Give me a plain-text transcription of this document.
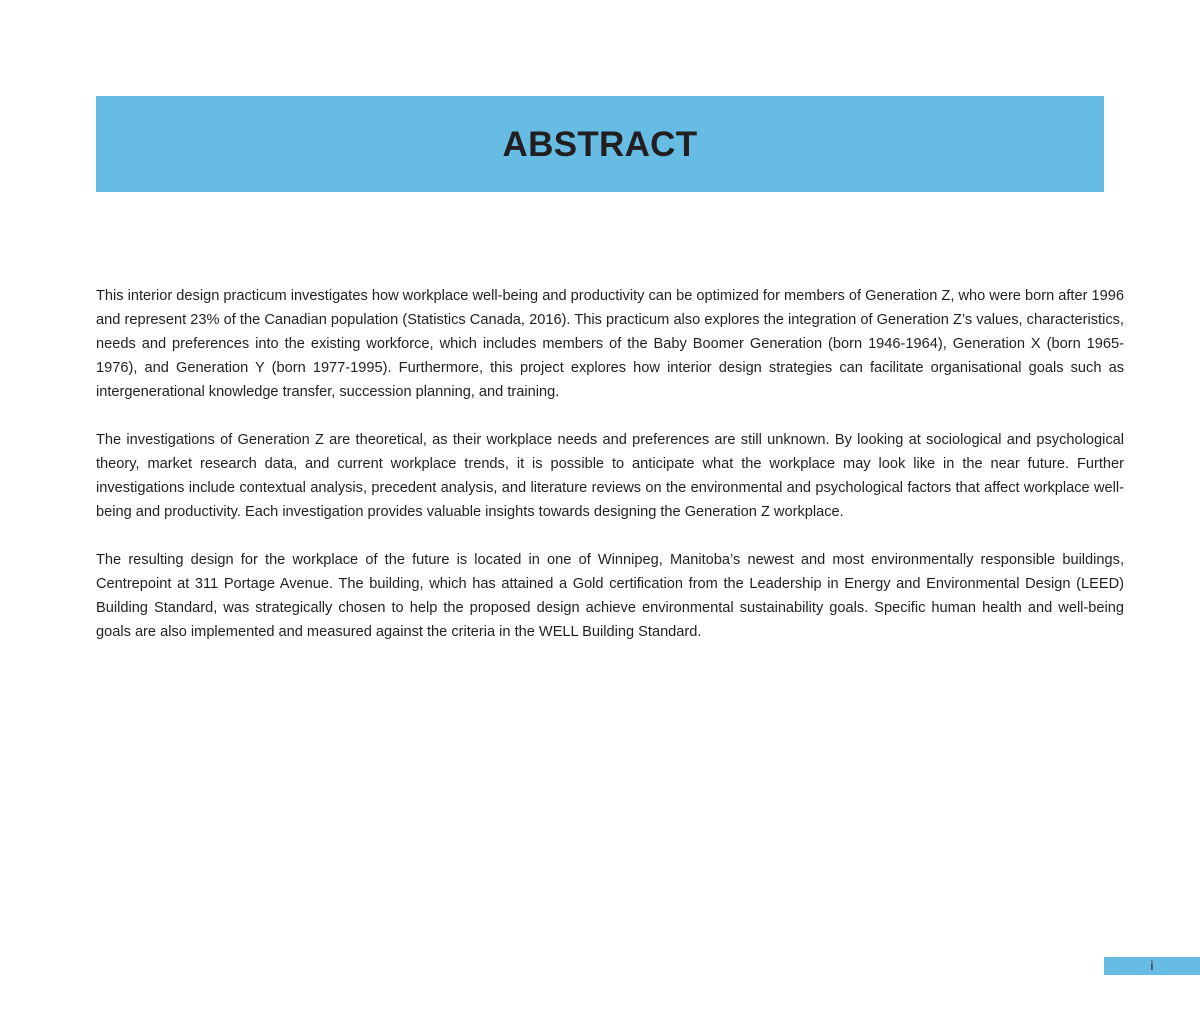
ABSTRACT

This interior design practicum investigates how workplace well-being and productivity can be optimized for members of Generation Z, who were born after 1996 and represent 23% of the Canadian population (Statistics Canada, 2016). This practicum also explores the integration of Generation Z’s values, characteristics, needs and preferences into the existing workforce, which includes members of the Baby Boomer Generation (born 1946-1964), Generation X (born 1965-1976), and Generation Y (born 1977-1995). Furthermore, this project explores how interior design strategies can facilitate organisational goals such as intergenerational knowledge transfer, succession planning, and training.

The investigations of Generation Z are theoretical, as their workplace needs and preferences are still unknown. By looking at sociological and psychological theory, market research data, and current workplace trends, it is possible to anticipate what the workplace may look like in the near future. Further investigations include contextual analysis, precedent analysis, and literature reviews on the environmental and psychological factors that affect workplace well-being and productivity. Each investigation provides valuable insights towards designing the Generation Z workplace.

The resulting design for the workplace of the future is located in one of Winnipeg, Manitoba’s newest and most environmentally responsible buildings, Centrepoint at 311 Portage Avenue. The building, which has attained a Gold certification from the Leadership in Energy and Environmental Design (LEED) Building Standard, was strategically chosen to help the proposed design achieve environmental sustainability goals. Specific human health and well-being goals are also implemented and measured against the criteria in the WELL Building Standard.

i
